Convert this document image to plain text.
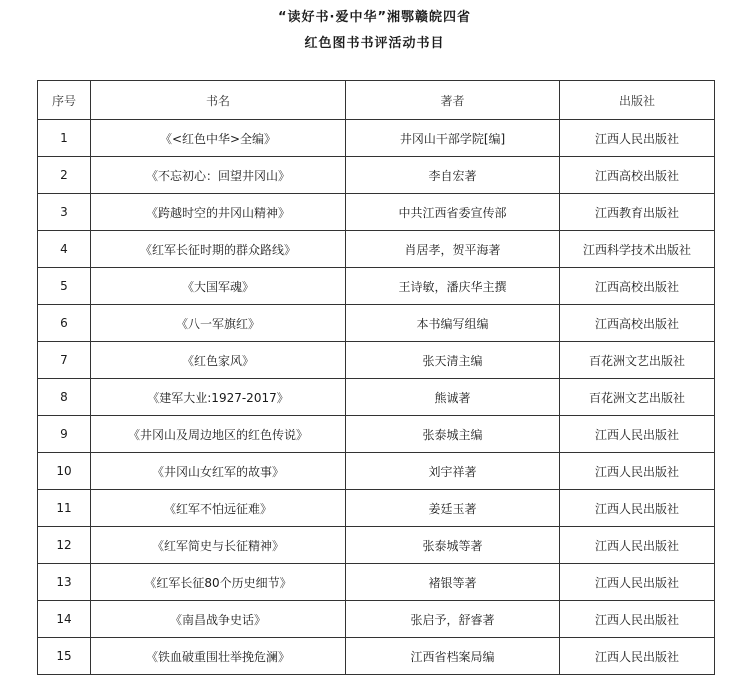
“读好书·爱中华”湘鄂赣皖四省
红色图书书评活动书目
序号	书名	著者	出版社
1	《<红色中华>全编》	井冈山干部学院[编]	江西人民出版社
2	《不忘初心：回望井冈山》	李自宏著	江西高校出版社
3	《跨越时空的井冈山精神》	中共江西省委宣传部	江西教育出版社
4	《红军长征时期的群众路线》	肖居孝，贺平海著	江西科学技术出版社
5	《大国军魂》	王诗敏，潘庆华主撰	江西高校出版社
6	《八一军旗红》	本书编写组编	江西高校出版社
7	《红色家风》	张天清主编	百花洲文艺出版社
8	《建军大业:1927-2017》	熊诚著	百花洲文艺出版社
9	《井冈山及周边地区的红色传说》	张泰城主编	江西人民出版社
10	《井冈山女红军的故事》	刘宇祥著	江西人民出版社
11	《红军不怕远征难》	姜廷玉著	江西人民出版社
12	《红军简史与长征精神》	张泰城等著	江西人民出版社
13	《红军长征80个历史细节》	褚银等著	江西人民出版社
14	《南昌战争史话》	张启予，舒睿著	江西人民出版社
15	《铁血破重围壮举挽危澜》	江西省档案局编	江西人民出版社
